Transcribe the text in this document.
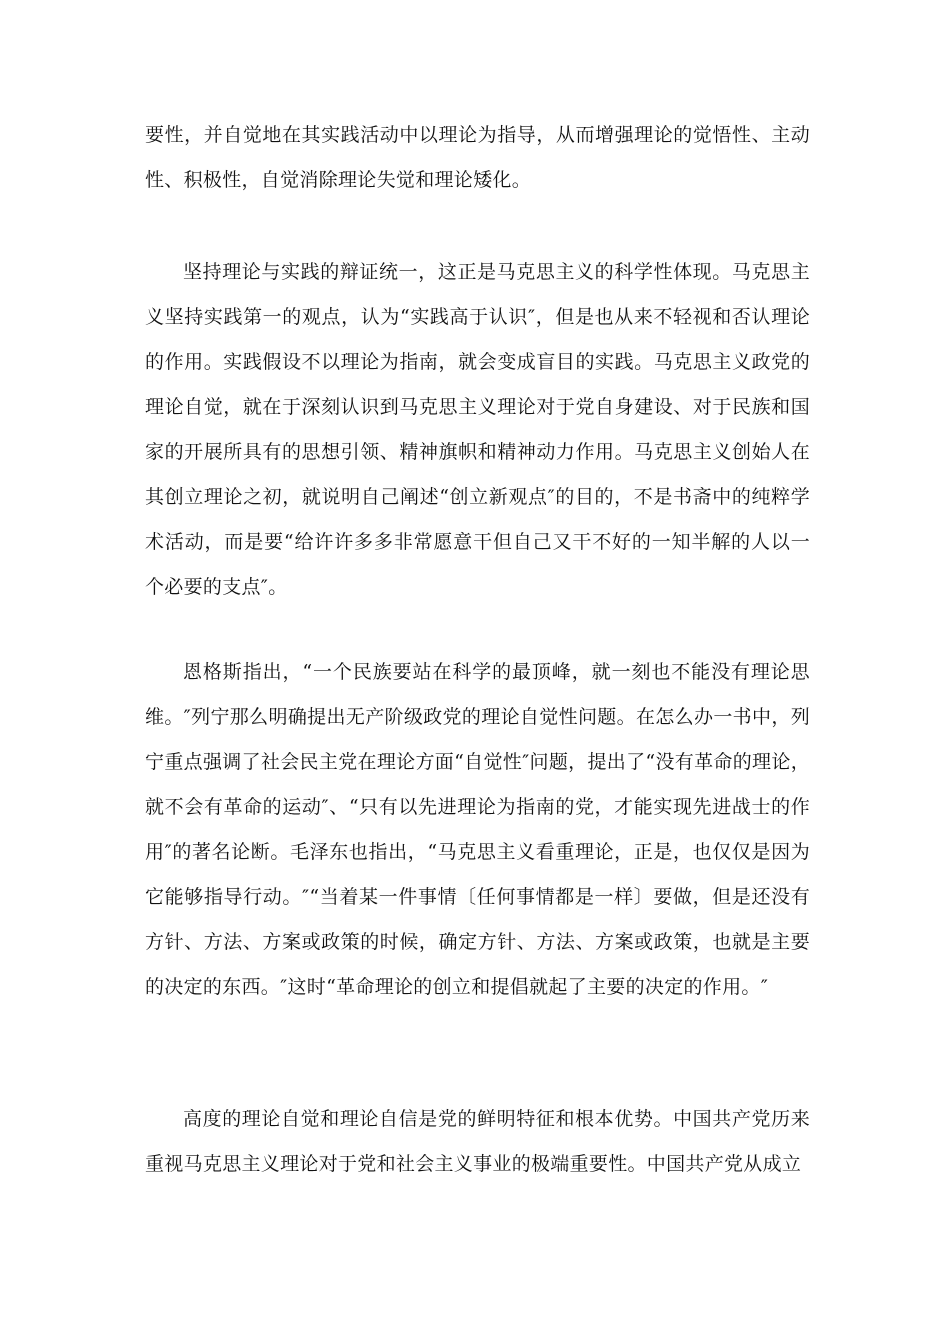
要性，并自觉地在其实践活动中以理论为指导，从而增强理论的觉悟性、主动性、积极性，自觉消除理论失觉和理论矮化。

坚持理论与实践的辩证统一，这正是马克思主义的科学性体现。马克思主义坚持实践第一的观点，认为“实践高于认识″，但是也从来不轻视和否认理论的作用。实践假设不以理论为指南，就会变成盲目的实践。马克思主义政党的理论自觉，就在于深刻认识到马克思主义理论对于党自身建设、对于民族和国家的开展所具有的思想引领、精神旗帜和精神动力作用。马克思主义创始人在其创立理论之初，就说明自己阐述“创立新观点″的目的，不是书斋中的纯粹学术活动，而是要“给许许多多非常愿意干但自己又干不好的一知半解的人以一个必要的支点″。

恩格斯指出，“一个民族要站在科学的最顶峰，就一刻也不能没有理论思维。″列宁那么明确提出无产阶级政党的理论自觉性问题。在怎么办一书中，列宁重点强调了社会民主党在理论方面“自觉性″问题，提出了“没有革命的理论，就不会有革命的运动″、“只有以先进理论为指南的党，才能实现先进战士的作用″的著名论断。毛泽东也指出，“马克思主义看重理论，正是，也仅仅是因为它能够指导行动。″“当着某一件事情〔任何事情都是一样〕要做，但是还没有方针、方法、方案或政策的时候，确定方针、方法、方案或政策，也就是主要的决定的东西。″这时“革命理论的创立和提倡就起了主要的决定的作用。″

高度的理论自觉和理论自信是党的鲜明特征和根本优势。中国共产党历来重视马克思主义理论对于党和社会主义事业的极端重要性。中国共产党从成立
